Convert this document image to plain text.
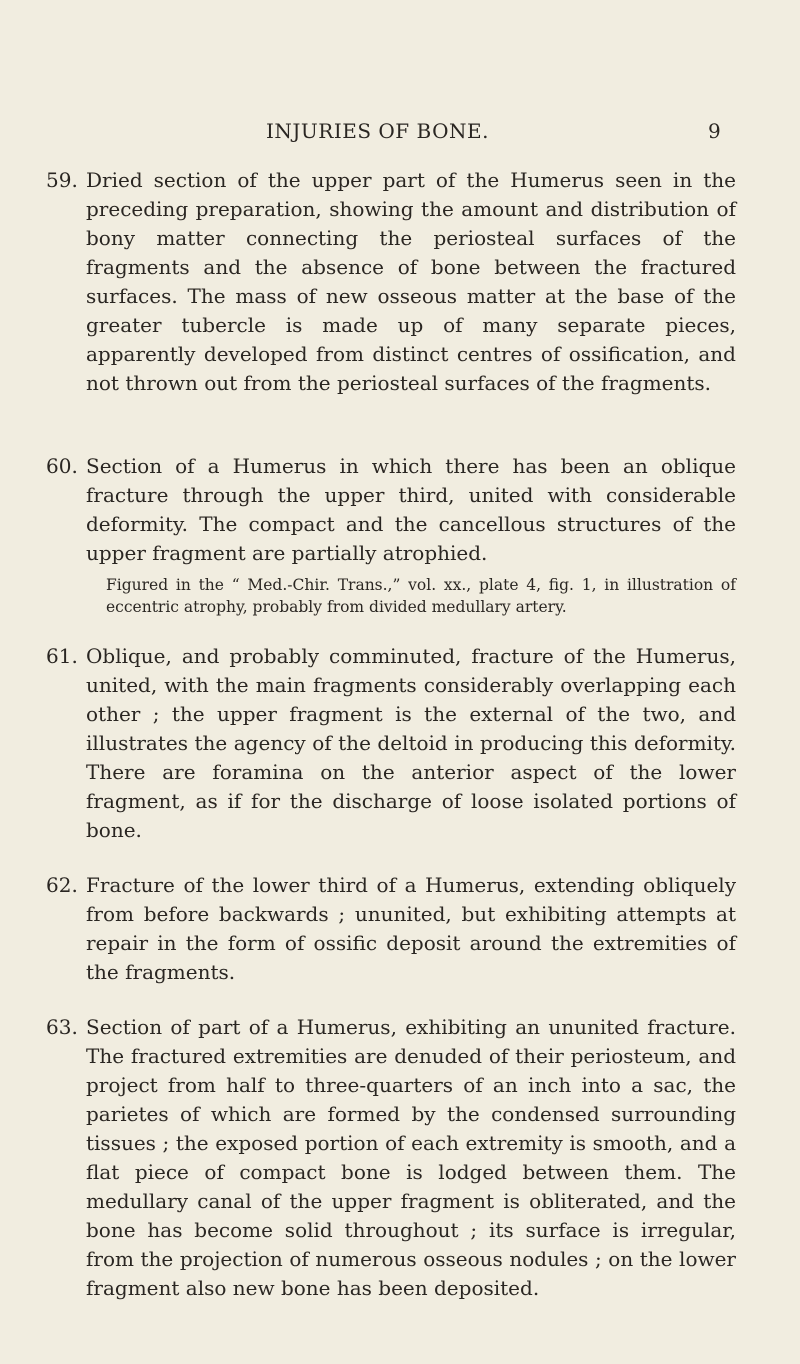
INJURIES OF BONE.	9
59. Dried section of the upper part of the Humerus seen in the preceding preparation, showing the amount and distribution of bony matter connecting the periosteal surfaces of the fragments and the absence of bone between the fractured surfaces. The mass of new osseous matter at the base of the greater tubercle is made up of many separate pieces, apparently developed from distinct centres of ossification, and not thrown out from the periosteal surfaces of the fragments.
60. Section of a Humerus in which there has been an oblique fracture through the upper third, united with considerable deformity. The compact and the cancellous structures of the upper fragment are partially atrophied.
Figured in the “ Med.-Chir. Trans.,” vol. xx., plate 4, fig. 1, in illustration of eccentric atrophy, probably from divided medullary artery.
61. Oblique, and probably comminuted, fracture of the Humerus, united, with the main fragments considerably overlapping each other ; the upper fragment is the external of the two, and illustrates the agency of the deltoid in producing this deformity. There are foramina on the anterior aspect of the lower fragment, as if for the discharge of loose isolated portions of bone.
62. Fracture of the lower third of a Humerus, extending obliquely from before backwards ; ununited, but exhibiting attempts at repair in the form of ossific deposit around the extremities of the fragments.
63. Section of part of a Humerus, exhibiting an ununited fracture. The fractured extremities are denuded of their periosteum, and project from half to three-quarters of an inch into a sac, the parietes of which are formed by the condensed surrounding tissues ; the exposed portion of each extremity is smooth, and a flat piece of compact bone is lodged between them. The medullary canal of the upper fragment is obliterated, and the bone has become solid throughout ; its surface is irregular, from the projection of numerous osseous nodules ; on the lower fragment also new bone has been deposited.
